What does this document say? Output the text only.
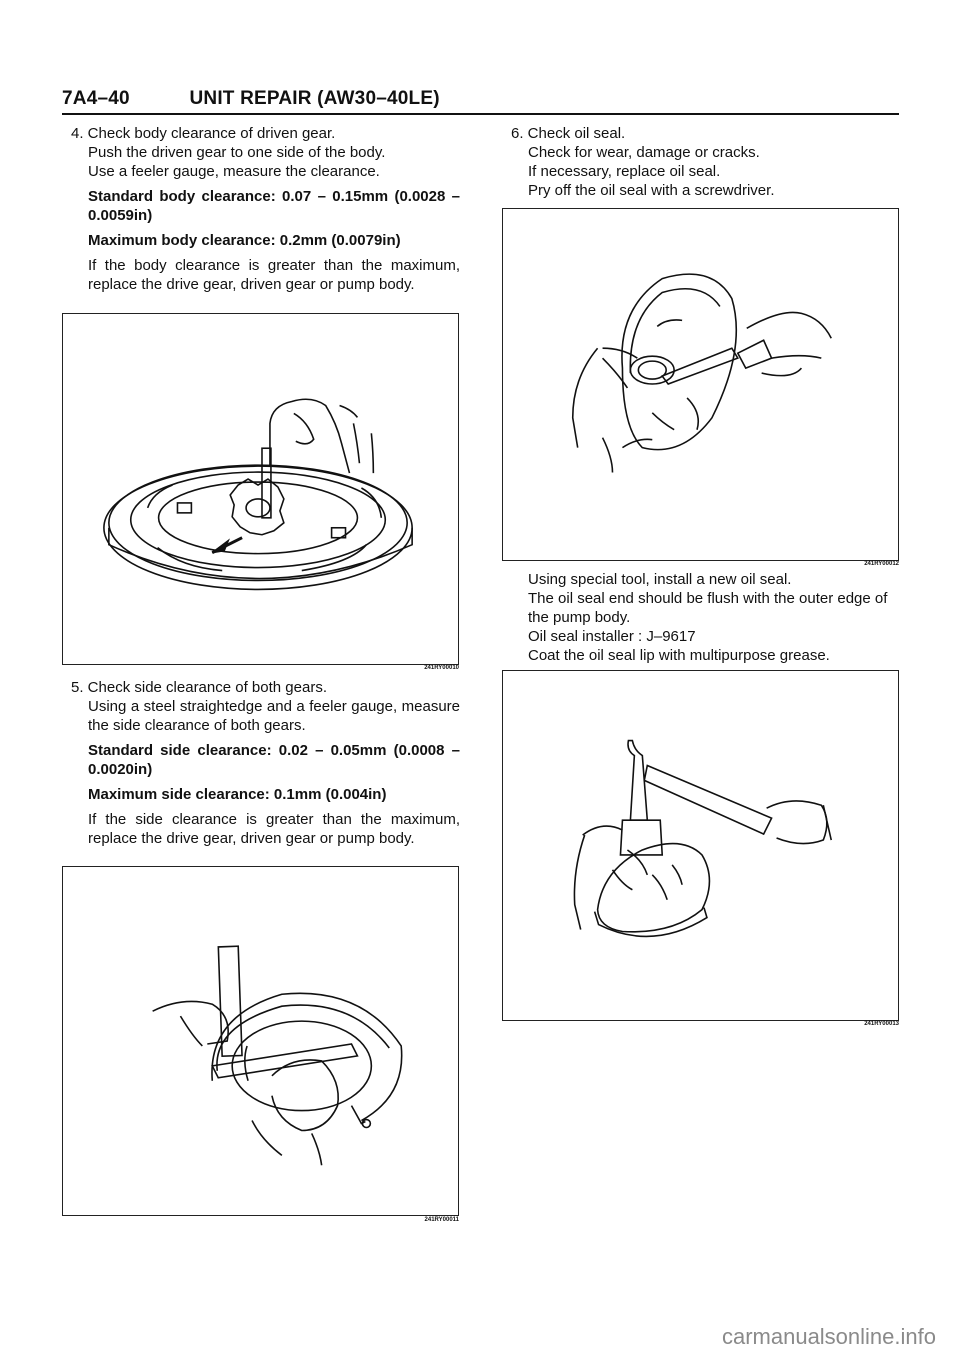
7A4–40	UNIT REPAIR (AW30–40LE)

4. Check body clearance of driven gear.

Push the driven gear to one side of the body.

Use a feeler gauge, measure the clearance.

Standard body clearance: 0.07 – 0.15mm (0.0028 – 0.0059in)

Maximum body clearance: 0.2mm (0.0079in)

If the body clearance is greater than the maximum, replace the drive gear, driven gear or pump body.

241RY00010

5. Check side clearance of both gears.

Using a steel straightedge and a feeler gauge, measure the side clearance of both gears.

Standard side clearance: 0.02 – 0.05mm (0.0008 – 0.0020in)

Maximum side clearance: 0.1mm (0.004in)

If the side clearance is greater than the maximum, replace the drive gear, driven gear or pump body.

241RY00011

6. Check oil seal.

Check for wear, damage or cracks.

If necessary, replace oil seal.

Pry off the oil seal with a screwdriver.

241RY00012

Using special tool, install a new oil seal.

The oil seal end should be flush with the outer edge of the pump body.

Oil seal installer : J–9617

Coat the oil seal lip with multipurpose grease.

241RY00013
carmanualsonline.info
